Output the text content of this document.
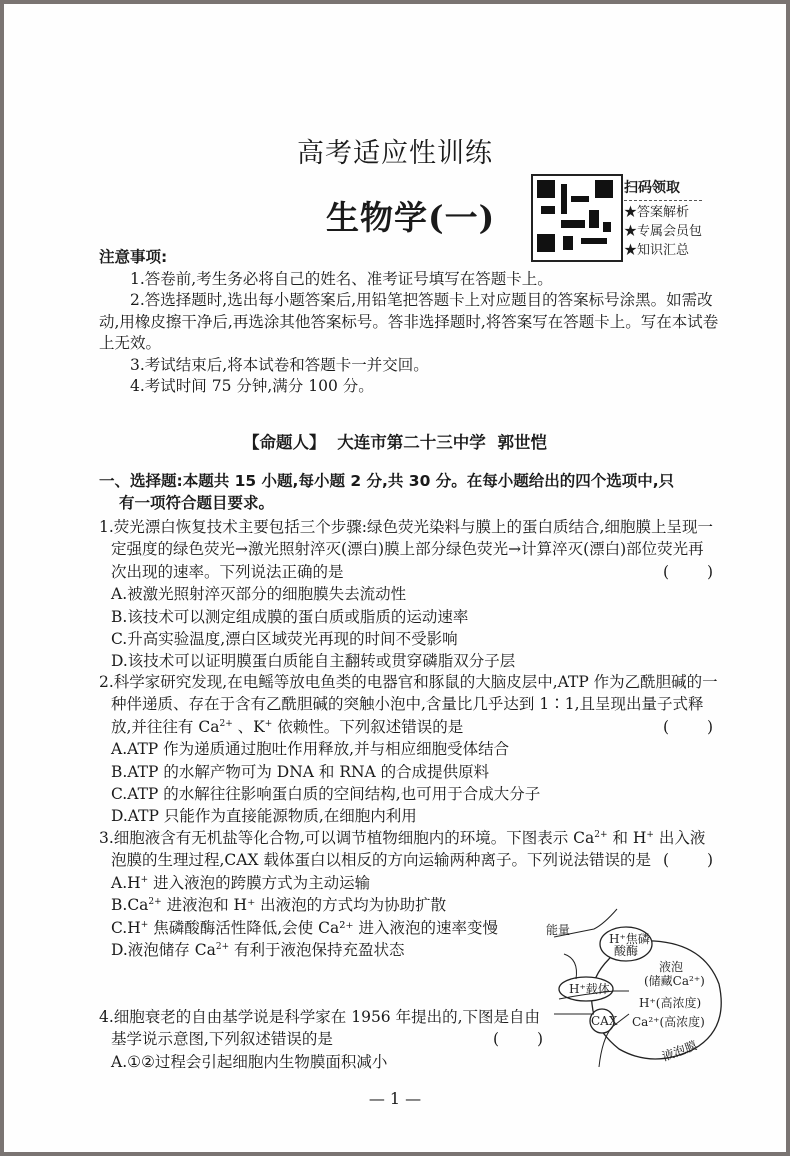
高考适应性训练
生物学(一)
扫码领取
★答案解析
★专属会员包
★知识汇总
注意事项:

1.答卷前,考生务必将自己的姓名、准考证号填写在答题卡上。

2.答选择题时,选出每小题答案后,用铅笔把答题卡上对应题目的答案标号涂黑。如需改动,用橡皮擦干净后,再选涂其他答案标号。答非选择题时,将答案写在答题卡上。写在本试卷上无效。

3.考试结束后,将本试卷和答题卡一并交回。

4.考试时间 75 分钟,满分 100 分。

【命题人】 大连市第二十三中学 郭世恺
一、选择题:本题共 15 小题,每小题 2 分,共 30 分。在每小题给出的四个选项中,只
有一项符合题目要求。
1.荧光漂白恢复技术主要包括三个步骤:绿色荧光染料与膜上的蛋白质结合,细胞膜上呈现一定强度的绿色荧光→激光照射淬灭(漂白)膜上部分绿色荧光→计算淬灭(漂白)部位荧光再次出现的速率。下列说法正确的是	(	)
A.被激光照射淬灭部分的细胞膜失去流动性
B.该技术可以测定组成膜的蛋白质或脂质的运动速率
C.升高实验温度,漂白区域荧光再现的时间不受影响
D.该技术可以证明膜蛋白质能自主翻转或贯穿磷脂双分子层
2.科学家研究发现,在电鳐等放电鱼类的电器官和豚鼠的大脑皮层中,ATP 作为乙酰胆碱的一种伴递质、存在于含有乙酰胆碱的突触小泡中,含量比几乎达到 1∶1,且呈现出量子式释放,并往往有 $Ca^{2+}$ 、K+ 依赖性。下列叙述错误的是	(	)
A.ATP 作为递质通过胞吐作用释放,并与相应细胞受体结合
B.ATP 的水解产物可为 DNA 和 RNA 的合成提供原料
C.ATP 的水解往往影响蛋白质的空间结构,也可用于合成大分子
D.ATP 只能作为直接能源物质,在细胞内利用
3.细胞液含有无机盐等化合物,可以调节植物细胞内的环境。下图表示 $Ca^{2+}$ 和 H+ 出入液泡膜的生理过程,CAX 载体蛋白以相反的方向运输两种离子。下列说法错误的是 (	)
A.H+ 进入液泡的跨膜方式为主动运输
$B.Ca^{2+}$ 进液泡和 H⁺ 出液泡的方式均为协助扩散
C.H+ 焦磷酸酶活性降低,会使 Ca²⁺ 进入液泡的速率变慢
D.液泡储存 $Ca^{2+}$ 有利于液泡保持充盈状态
4.细胞衰老的自由基学说是科学家在 1956 年提出的,下图是自由基学说示意图,下列叙述错误的是	(	)
A.①②过程会引起细胞内生物膜面积减小
能量
H⁺焦磷
酸酶
H⁺载体
液泡
(储藏Ca²⁺)
H⁺(高浓度)
Ca²⁺(高浓度)
CAX
液泡膜
— 1 —
